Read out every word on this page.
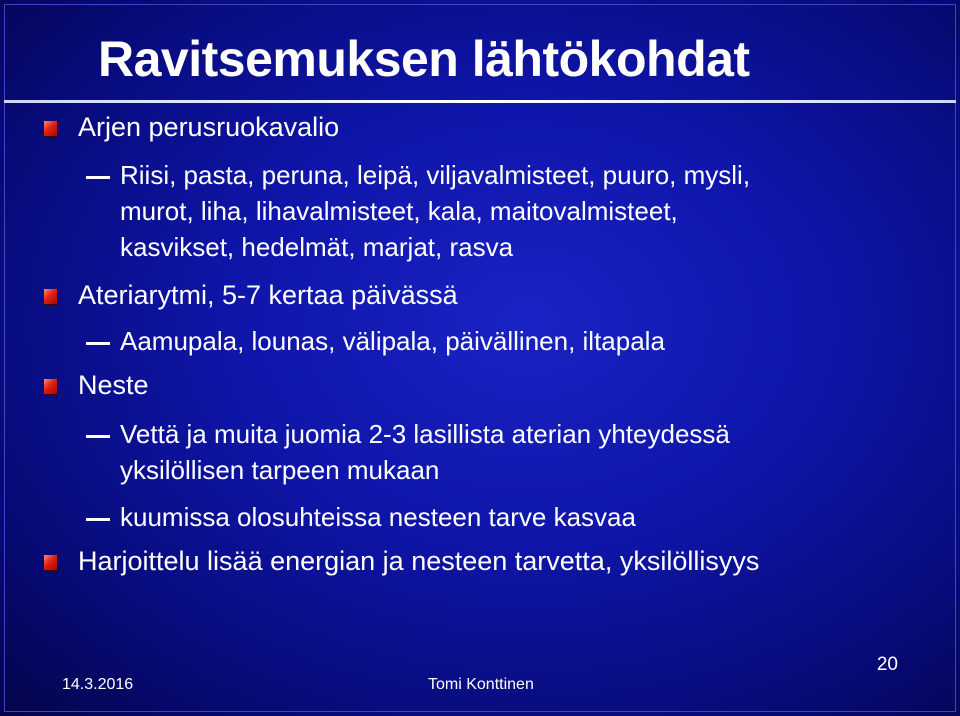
Ravitsemuksen lähtökohdat
Arjen perusruokavalio
Riisi, pasta, peruna, leipä, viljavalmisteet, puuro, mysli,
murot, liha, lihavalmisteet, kala, maitovalmisteet,
kasvikset, hedelmät, marjat, rasva
Ateriarytmi, 5-7 kertaa päivässä
Aamupala, lounas, välipala, päivällinen, iltapala
Neste
Vettä ja muita juomia 2-3 lasillista aterian yhteydessä
yksilöllisen tarpeen mukaan
kuumissa olosuhteissa nesteen tarve kasvaa
Harjoittelu lisää energian ja nesteen tarvetta, yksilöllisyys
14.3.2016	Tomi Konttinen
20
